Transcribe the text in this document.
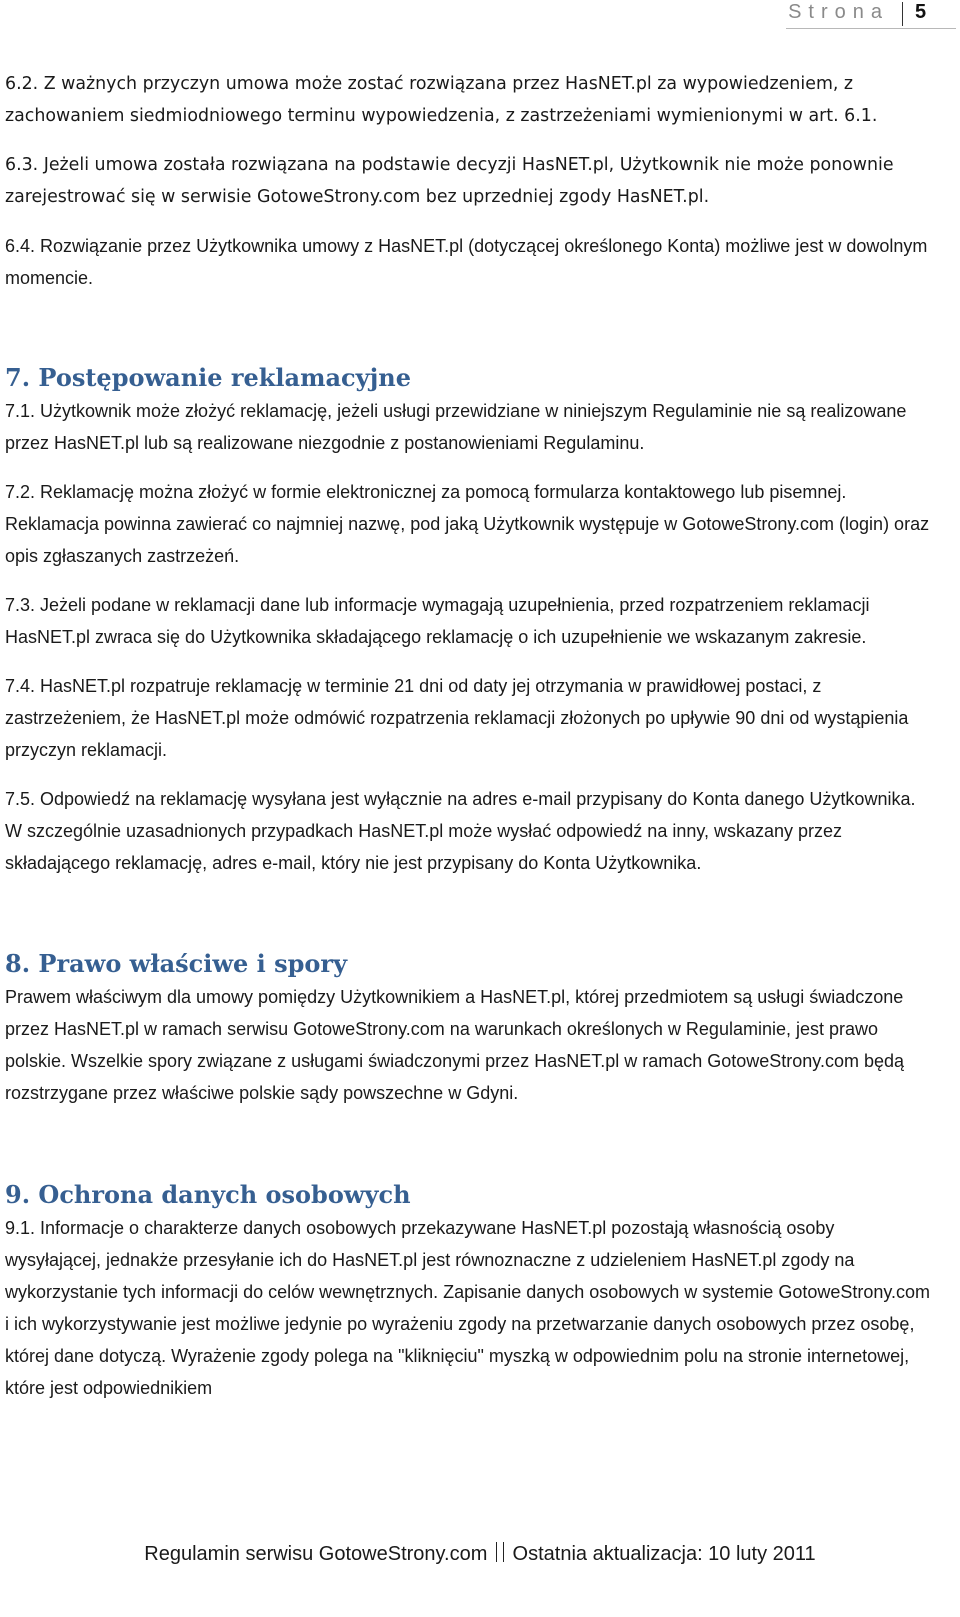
Strona 5

6.2. Z ważnych przyczyn umowa może zostać rozwiązana przez HasNET.pl za wypowiedzeniem, z zachowaniem siedmiodniowego terminu wypowiedzenia, z zastrzeżeniami wymienionymi w art. 6.1.

6.3. Jeżeli umowa została rozwiązana na podstawie decyzji HasNET.pl, Użytkownik nie może ponownie zarejestrować się w serwisie GotoweStrony.com bez uprzedniej zgody HasNET.pl.

6.4. Rozwiązanie przez Użytkownika umowy z HasNET.pl (dotyczącej określonego Konta) możliwe jest w dowolnym momencie.

7. Postępowanie reklamacyjne

7.1. Użytkownik może złożyć reklamację, jeżeli usługi przewidziane w niniejszym Regulaminie nie są realizowane przez HasNET.pl lub są realizowane niezgodnie z postanowieniami Regulaminu.

7.2. Reklamację można złożyć w formie elektronicznej za pomocą formularza kontaktowego lub pisemnej. Reklamacja powinna zawierać co najmniej nazwę, pod jaką Użytkownik występuje w GotoweStrony.com (login) oraz opis zgłaszanych zastrzeżeń.

7.3. Jeżeli podane w reklamacji dane lub informacje wymagają uzupełnienia, przed rozpatrzeniem reklamacji HasNET.pl zwraca się do Użytkownika składającego reklamację o ich uzupełnienie we wskazanym zakresie.

7.4. HasNET.pl rozpatruje reklamację w terminie 21 dni od daty jej otrzymania w prawidłowej postaci, z zastrzeżeniem, że HasNET.pl może odmówić rozpatrzenia reklamacji złożonych po upływie 90 dni od wystąpienia przyczyn reklamacji.

7.5. Odpowiedź na reklamację wysyłana jest wyłącznie na adres e-mail przypisany do Konta danego Użytkownika. W szczególnie uzasadnionych przypadkach HasNET.pl może wysłać odpowiedź na inny, wskazany przez składającego reklamację, adres e-mail, który nie jest przypisany do Konta Użytkownika.

8. Prawo właściwe i spory

Prawem właściwym dla umowy pomiędzy Użytkownikiem a HasNET.pl, której przedmiotem są usługi świadczone przez HasNET.pl w ramach serwisu GotoweStrony.com na warunkach określonych w Regulaminie, jest prawo polskie. Wszelkie spory związane z usługami świadczonymi przez HasNET.pl w ramach GotoweStrony.com będą rozstrzygane przez właściwe polskie sądy powszechne w Gdyni.

9. Ochrona danych osobowych

9.1. Informacje o charakterze danych osobowych przekazywane HasNET.pl pozostają własnością osoby wysyłającej, jednakże przesyłanie ich do HasNET.pl jest równoznaczne z udzieleniem HasNET.pl zgody na wykorzystanie tych informacji do celów wewnętrznych. Zapisanie danych osobowych w systemie GotoweStrony.com i ich wykorzystywanie jest możliwe jedynie po wyrażeniu zgody na przetwarzanie danych osobowych przez osobę, której dane dotyczą. Wyrażenie zgody polega na "kliknięciu" myszką w odpowiednim polu na stronie internetowej, które jest odpowiednikiem

Regulamin serwisu GotoweStrony.com Ostatnia aktualizacja: 10 luty 2011
